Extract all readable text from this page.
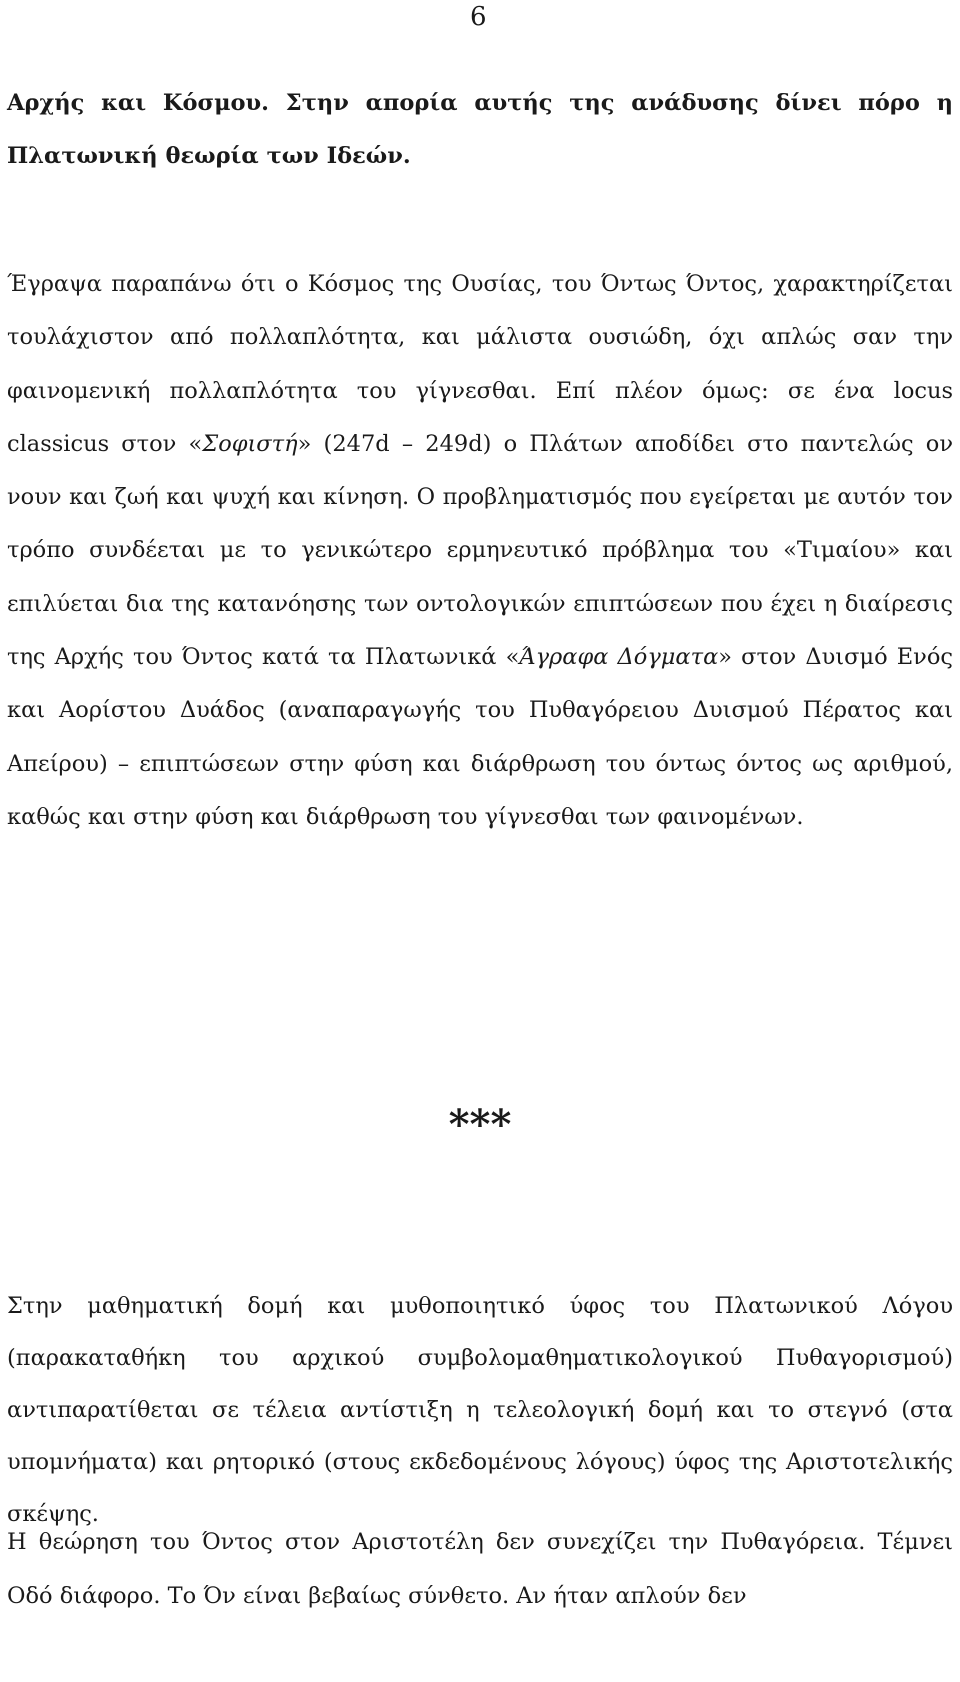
6

Αρχής και Κόσμου. Στην απορία αυτής της ανάδυσης δίνει πόρο η Πλατωνική θεωρία των Ιδεών.

Έγραψα παραπάνω ότι ο Κόσμος της Ουσίας, του Όντως Όντος, χαρακτηρίζεται τουλάχιστον από πολλαπλότητα, και μάλιστα ουσιώδη, όχι απλώς σαν την φαινομενική πολλαπλότητα του γίγνεσθαι. Επί πλέον όμως: σε ένα locus classicus στον «Σοφιστή» (247d – 249d) ο Πλάτων αποδίδει στο παντελώς ον νουν και ζωή και ψυχή και κίνηση. Ο προβληματισμός που εγείρεται με αυτόν τον τρόπο συνδέεται με το γενικώτερο ερμηνευτικό πρόβλημα του «Τιμαίου» και επιλύεται δια της κατανόησης των οντολογικών επιπτώσεων που έχει η διαίρεσις της Αρχής του Όντος κατά τα Πλατωνικά «Άγραφα Δόγματα» στον Δυισμό Ενός και Αορίστου Δυάδος (αναπαραγωγής του Πυθαγόρειου Δυισμού Πέρατος και Απείρου) – επιπτώσεων στην φύση και διάρθρωση του όντως όντος ως αριθμού, καθώς και στην φύση και διάρθρωση του γίγνεσθαι των φαινομένων.

***

Στην μαθηματική δομή και μυθοποιητικό ύφος του Πλατωνικού Λόγου (παρακαταθήκη του αρχικού συμβολομαθηματικολογικού Πυθαγορισμού) αντιπαρατίθεται σε τέλεια αντίστιξη η τελεολογική δομή και το στεγνό (στα υπομνήματα) και ρητορικό (στους εκδεδομένους λόγους) ύφος της Αριστοτελικής σκέψης.

Η θεώρηση του Όντος στον Αριστοτέλη δεν συνεχίζει την Πυθαγόρεια. Τέμνει Οδό διάφορο. Το Όν είναι βεβαίως σύνθετο. Αν ήταν απλούν δεν
